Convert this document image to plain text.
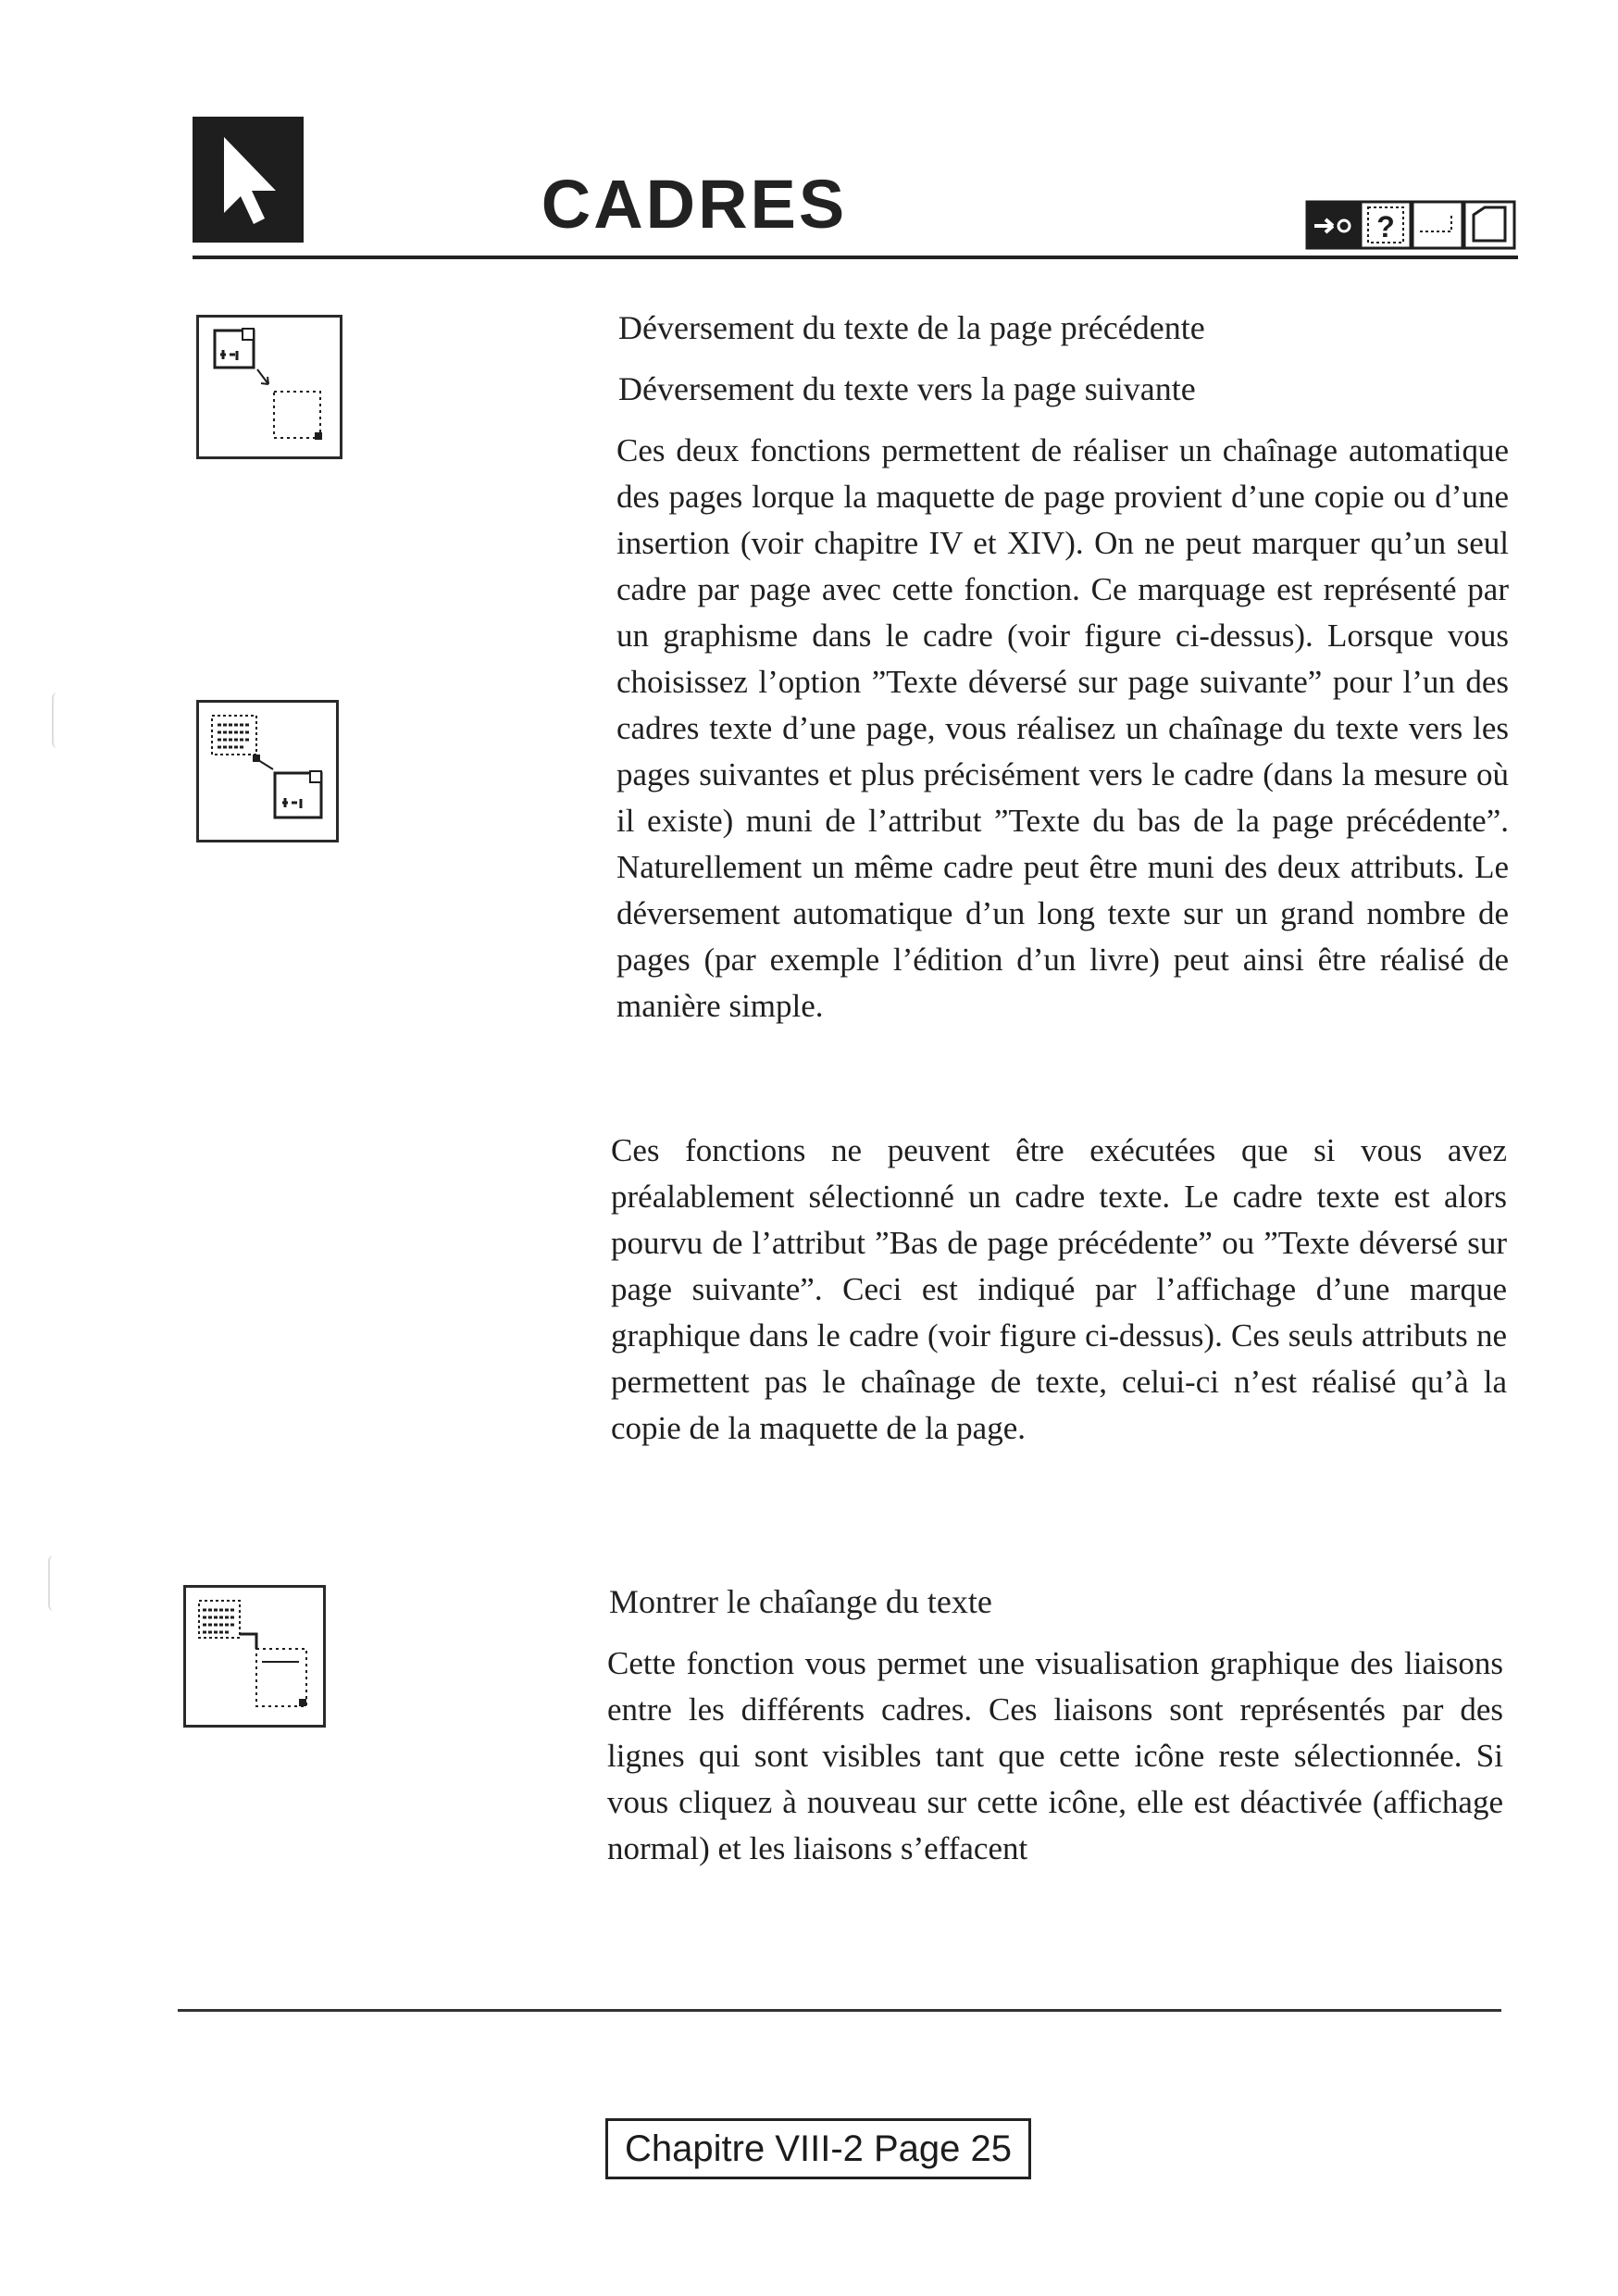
CADRES	?
Déversement du texte de la page précédente
Déversement du texte vers la page suivante
Ces deux fonctions permettent de réaliser un chaînage automatique des pages lorque la maquette de page provient d’une copie ou d’une insertion (voir chapitre IV et XIV). On ne peut marquer qu’un seul cadre par page avec cette fonction. Ce marquage est représenté par un graphisme dans le cadre (voir figure ci-dessus). Lorsque vous choisissez l’option ”Texte déversé sur page suivante” pour l’un des cadres texte d’une page, vous réalisez un chaînage du texte vers les pages suivantes et plus précisément vers le cadre (dans la mesure où il existe) muni de l’attribut ”Texte du bas de la page précédente”. Naturellement un même cadre peut être muni des deux attributs. Le déversement automatique d’un long texte sur un grand nombre de pages (par exemple l’édition d’un livre) peut ainsi être réalisé de manière simple.
Ces fonctions ne peuvent être exécutées que si vous avez préalablement sélectionné un cadre texte. Le cadre texte est alors pourvu de l’attribut ”Bas de page précédente” ou ”Texte déversé sur page suivante”. Ceci est indiqué par l’affichage d’une marque graphique dans le cadre (voir figure ci-dessus). Ces seuls attributs ne permettent pas le chaînage de texte, celui-ci n’est réalisé qu’à la copie de la maquette de la page.
Montrer le chaîange du texte
Cette fonction vous permet une visualisation graphique des liaisons entre les différents cadres. Ces liaisons sont représentés par des lignes qui sont visibles tant que cette icône reste sélectionnée. Si vous cliquez à nouveau sur cette icône, elle est déactivée (affichage normal) et les liaisons s’effacent
Chapitre VIII-2 Page 25
